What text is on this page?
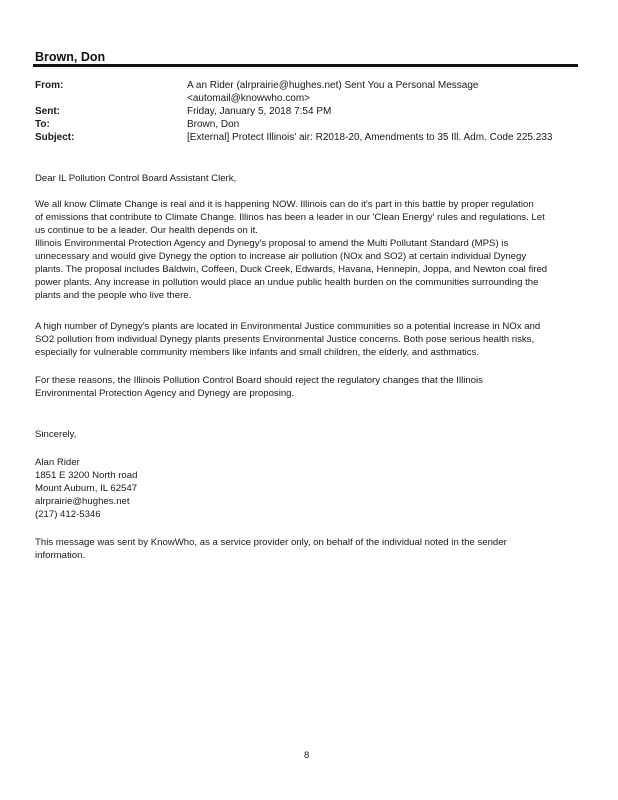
Brown, Don
From:	A an Rider (alrprairie@hughes.net) Sent You a Personal Message
<automail@knowwho.com>
Sent:	Friday, January 5, 2018 7:54 PM
To:	Brown, Don
Subject:	[External] Protect Illinois' air: R2018-20, Amendments to 35 Ill. Adm. Code 225.233

Dear IL Pollution Control Board Assistant Clerk,

We all know Climate Change is real and it is happening NOW. Illinois can do it's part in this battle by proper regulation
of emissions that contribute to Climate Change. Illinos has been a leader in our 'Clean Energy' rules and regulations. Let
us continue to be a leader. Our health depends on it.
Illinois Environmental Protection Agency and Dynegy's proposal to amend the Multi Pollutant Standard (MPS) is
unnecessary and would give Dynegy the option to increase air pollution (NOx and SO2) at certain individual Dynegy
plants. The proposal includes Baldwin, Coffeen, Duck Creek, Edwards, Havana, Hennepin, Joppa, and Newton coal fired
power plants. Any increase in pollution would place an undue public health burden on the communities surrounding the
plants and the people who live there.
A high number of Dynegy's plants are located in Environmental Justice communities so a potential increase in NOx and
SO2 pollution from individual Dynegy plants presents Environmental Justice concerns. Both pose serious health risks,
especially for vulnerable community members like infants and small children, the elderly, and asthmatics.
For these reasons, the Illinois Pollution Control Board should reject the regulatory changes that the Illinois
Environmental Protection Agency and Dynegy are proposing.

Sincerely,

Alan Rider
1851 E 3200 North road
Mount Auburn, IL 62547
alrprairie@hughes.net
(217) 412-5346
This message was sent by KnowWho, as a service provider only, on behalf of the individual noted in the sender
information.
8
